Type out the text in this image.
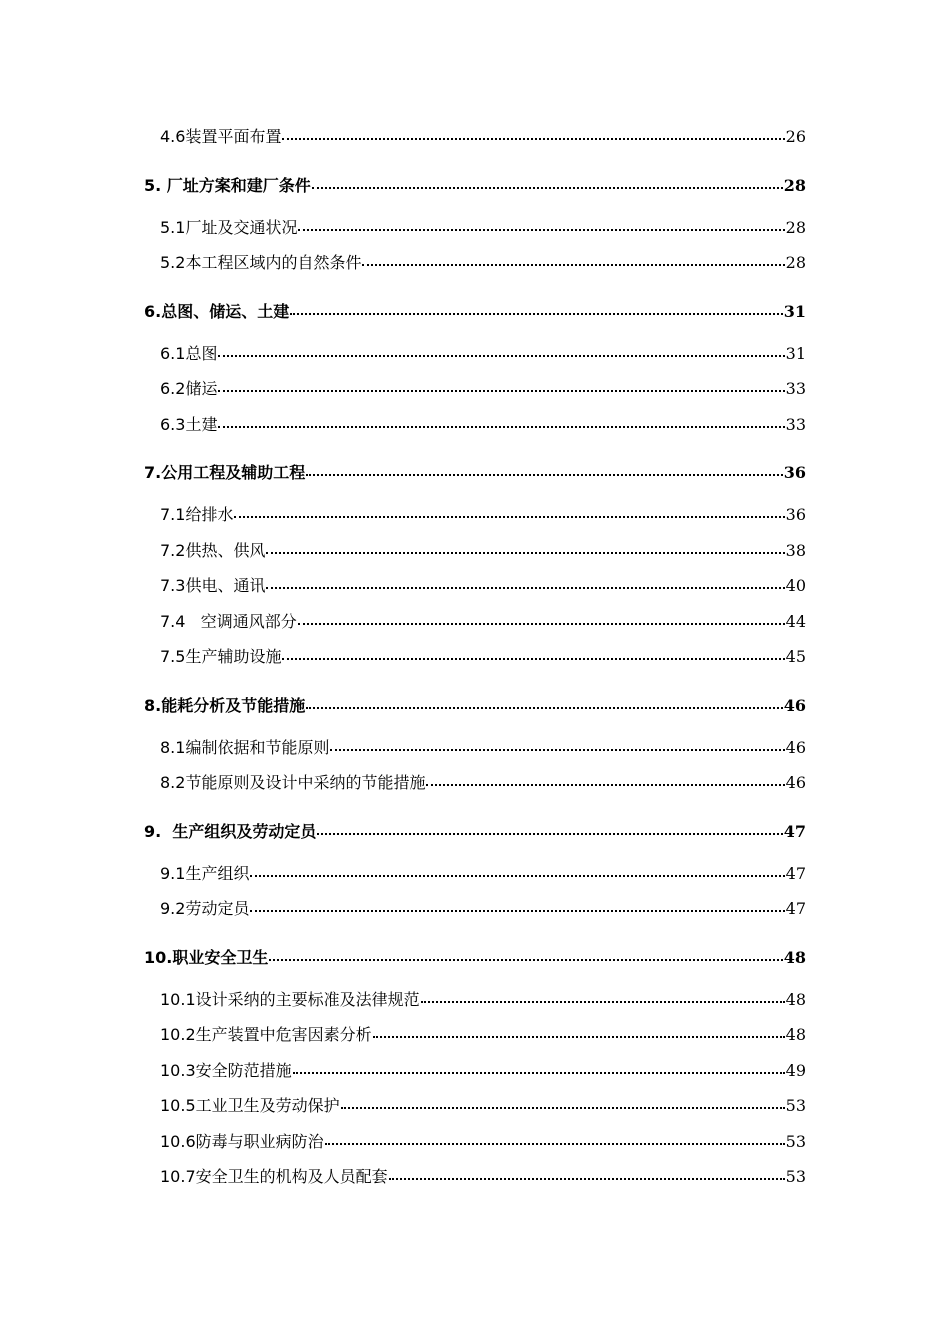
4.6装置平面布置	26
5. 厂址方案和建厂条件	28
5.1厂址及交通状况	28
5.2本工程区域内的自然条件	28
6.总图、储运、土建	31
6.1总图	31
6.2储运	33
6.3土建	33
7.公用工程及辅助工程	36
7.1给排水	36
7.2供热、供风	38
7.3供电、通讯	40
7.4   空调通风部分	44
7.5生产辅助设施	45
8.能耗分析及节能措施	46
8.1编制依据和节能原则	46
8.2节能原则及设计中采纳的节能措施	46
9.  生产组织及劳动定员	47
9.1生产组织	47
9.2劳动定员	47
10.职业安全卫生	48
10.1设计采纳的主要标准及法律规范	48
10.2生产装置中危害因素分析	48
10.3安全防范措施	49
10.5工业卫生及劳动保护	53
10.6防毒与职业病防治	53
10.7安全卫生的机构及人员配套	53
